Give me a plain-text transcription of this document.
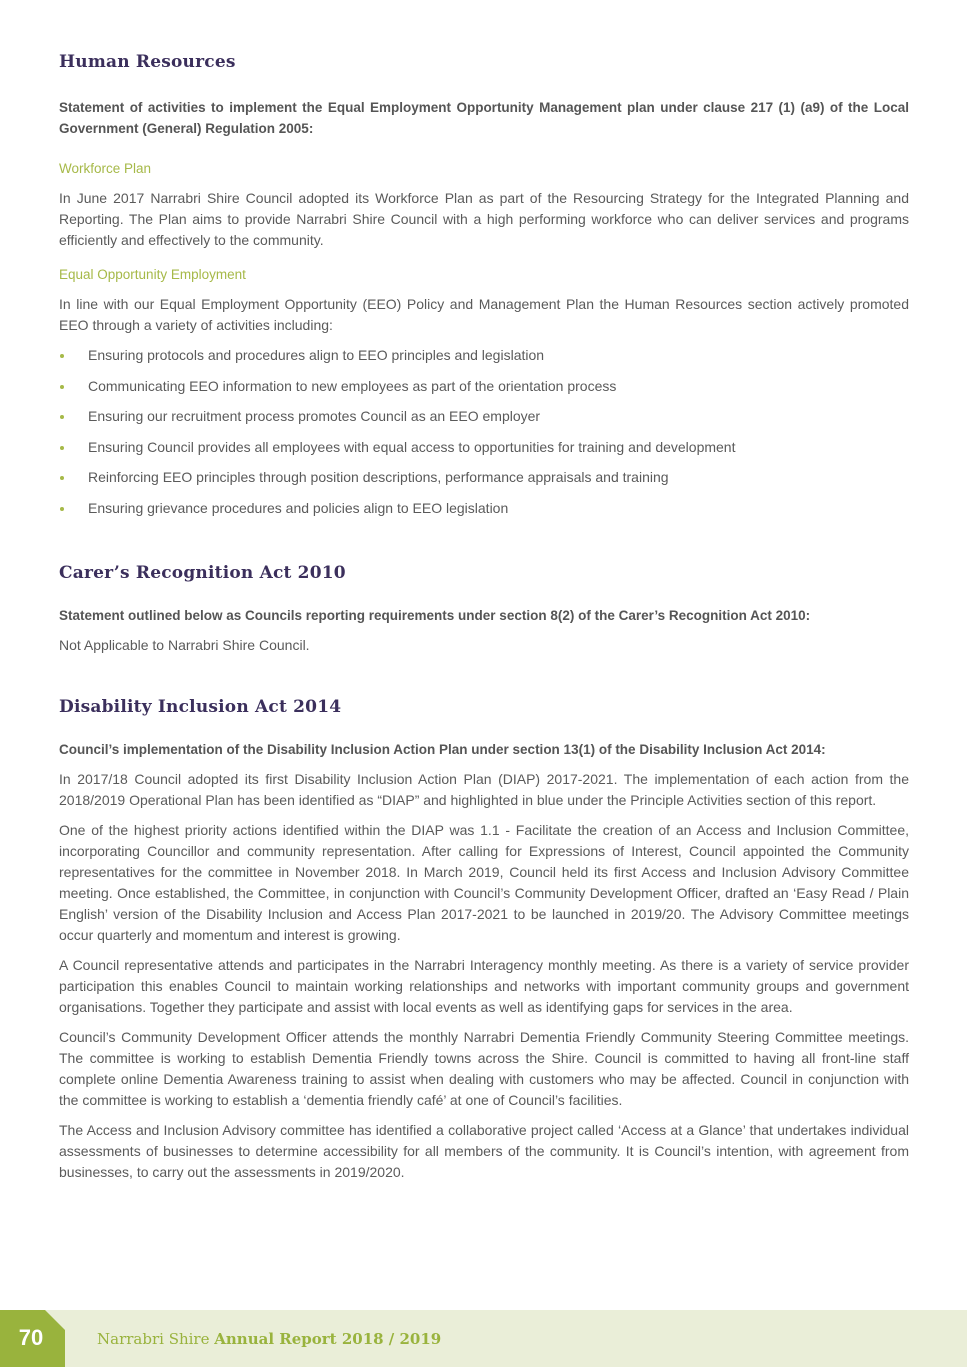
Human Resources

Statement of activities to implement the Equal Employment Opportunity Management plan under clause 217 (1) (a9) of the Local Government (General) Regulation 2005:

Workforce Plan

In June 2017 Narrabri Shire Council adopted its Workforce Plan as part of the Resourcing Strategy for the Integrated Planning and Reporting. The Plan aims to provide Narrabri Shire Council with a high performing workforce who can deliver services and programs efficiently and effectively to the community.

Equal Opportunity Employment

In line with our Equal Employment Opportunity (EEO) Policy and Management Plan the Human Resources section actively promoted EEO through a variety of activities including:

Ensuring protocols and procedures align to EEO principles and legislation
Communicating EEO information to new employees as part of the orientation process
Ensuring our recruitment process promotes Council as an EEO employer
Ensuring Council provides all employees with equal access to opportunities for training and development
Reinforcing EEO principles through position descriptions, performance appraisals and training
Ensuring grievance procedures and policies align to EEO legislation
Carer’s Recognition Act 2010

Statement outlined below as Councils reporting requirements under section 8(2) of the Carer’s Recognition Act 2010:

Not Applicable to Narrabri Shire Council.

Disability Inclusion Act 2014

Council’s implementation of the Disability Inclusion Action Plan under section 13(1) of the Disability Inclusion Act 2014:

In 2017/18 Council adopted its first Disability Inclusion Action Plan (DIAP) 2017-2021. The implementation of each action from the 2018/2019 Operational Plan has been identified as “DIAP” and highlighted in blue under the Principle Activities section of this report.

One of the highest priority actions identified within the DIAP was 1.1 - Facilitate the creation of an Access and Inclusion Committee, incorporating Councillor and community representation. After calling for Expressions of Interest, Council appointed the Community representatives for the committee in November 2018. In March 2019, Council held its first Access and Inclusion Advisory Committee meeting. Once established, the Committee, in conjunction with Council’s Community Development Officer, drafted an ‘Easy Read / Plain English’ version of the Disability Inclusion and Access Plan 2017-2021 to be launched in 2019/20. The Advisory Committee meetings occur quarterly and momentum and interest is growing.

A Council representative attends and participates in the Narrabri Interagency monthly meeting. As there is a variety of service provider participation this enables Council to maintain working relationships and networks with important community groups and government organisations. Together they participate and assist with local events as well as identifying gaps for services in the area.

Council’s Community Development Officer attends the monthly Narrabri Dementia Friendly Community Steering Committee meetings. The committee is working to establish Dementia Friendly towns across the Shire. Council is committed to having all front-line staff complete online Dementia Awareness training to assist when dealing with customers who may be affected. Council in conjunction with the committee is working to establish a ‘dementia friendly café’ at one of Council’s facilities.

The Access and Inclusion Advisory committee has identified a collaborative project called ‘Access at a Glance’ that undertakes individual assessments of businesses to determine accessibility for all members of the community. It is Council’s intention, with agreement from businesses, to carry out the assessments in 2019/2020.

70	Narrabri Shire Annual Report 2018 / 2019
